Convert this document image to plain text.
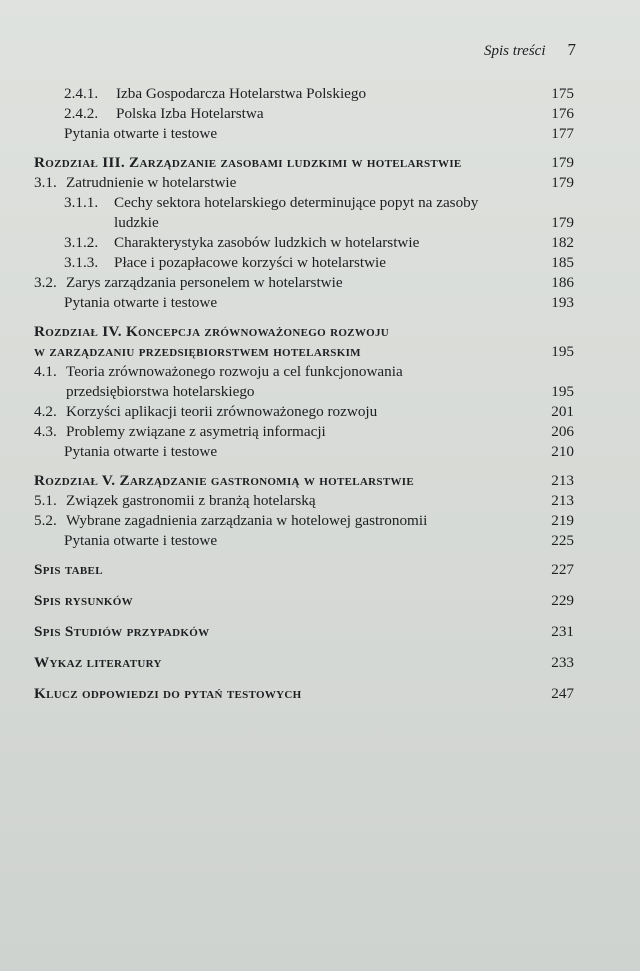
Spis treści 7
2.4.1. Izba Gospodarcza Hotelarstwa Polskiego	175
2.4.2. Polska Izba Hotelarstwa	176
Pytania otwarte i testowe	177
Rozdział III. Zarządzanie zasobami ludzkimi w hotelarstwie	179
3.1. Zatrudnienie w hotelarstwie	179
3.1.1.	Cechy sektora hotelarskiego determinujące popyt na zasoby
ludzkie	179
3.1.2. Charakterystyka zasobów ludzkich w hotelarstwie	182
3.1.3. Płace i pozapłacowe korzyści w hotelarstwie	185
3.2. Zarys zarządzania personelem w hotelarstwie	186
Pytania otwarte i testowe	193
Rozdział IV. Koncepcja zrównoważonego rozwoju
w zarządzaniu przedsiębiorstwem hotelarskim	195
4.1. Teoria zrównoważonego rozwoju a cel funkcjonowania
przedsiębiorstwa hotelarskiego	195
4.2. Korzyści aplikacji teorii zrównoważonego rozwoju	201
4.3. Problemy związane z asymetrią informacji	206
Pytania otwarte i testowe	210
Rozdział V. Zarządzanie gastronomią w hotelarstwie	213
5.1. Związek gastronomii z branżą hotelarską	213
5.2. Wybrane zagadnienia zarządzania w hotelowej gastronomii	219
Pytania otwarte i testowe	225
Spis tabel	227
Spis rysunków	229
Spis Studiów przypadków	231
Wykaz literatury	233
Klucz odpowiedzi do pytań testowych	247
